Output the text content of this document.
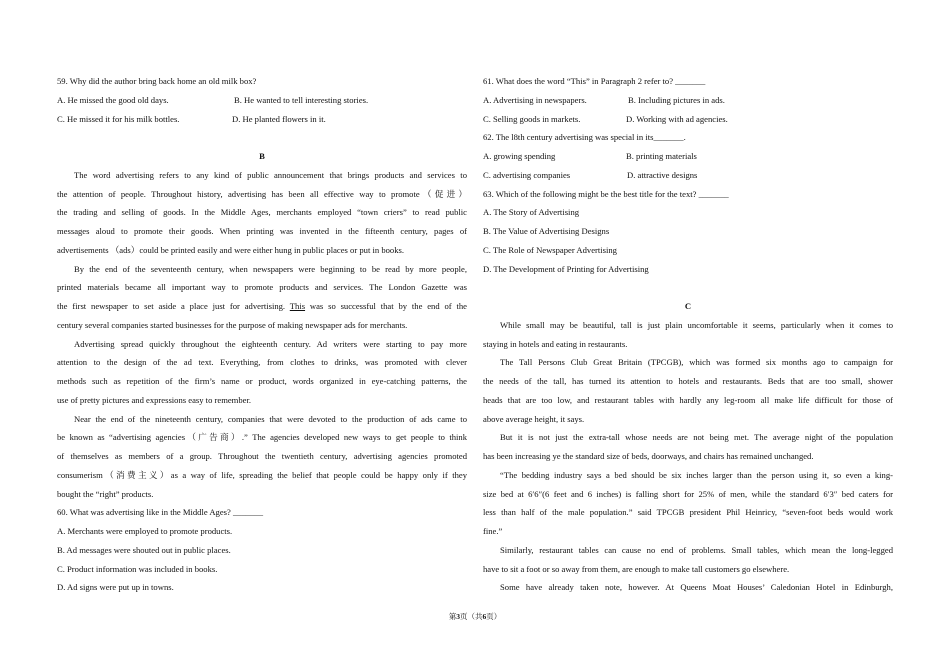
59. Why did the author bring back home an old milk box?
A. He missed the good old days.	B. He wanted to tell interesting stories.
C. He missed it for his milk bottles.	D. He planted flowers in it.
B
The word advertising refers to any kind of public announcement that brings products and services to
the attention of people. Throughout history, advertising has been all effective way to promote（促进）
the trading and selling of goods. In the Middle Ages, merchants employed “town criers” to read public
messages aloud to promote their goods. When printing was invented in the fifteenth century, pages of
advertisements （ads）could be printed easily and were either hung in public places or put in books.
By the end of the seventeenth century, when newspapers were beginning to be read by more people,
printed materials became all important way to promote products and services. The London Gazette was
the first newspaper to set aside a place just for advertising. This was so successful that by the end of the
century several companies started businesses for the purpose of making newspaper ads for merchants.
Advertising spread quickly throughout the eighteenth century. Ad writers were starting to pay more
attention to the design of the ad text. Everything, from clothes to drinks, was promoted with clever
methods such as repetition of the firm’s name or product, words organized in eye-catching patterns, the
use of pretty pictures and expressions easy to remember.
Near the end of the nineteenth century, companies that were devoted to the production of ads came to
be known as “advertising agencies（广告商）.” The agencies developed new ways to get people to think
of themselves as members of a group. Throughout the twentieth century, advertising agencies promoted
consumerism（消费主义）as a way of life, spreading the belief that people could be happy only if they
bought the “right” products.
60. What was advertising like in the Middle Ages? _______
A. Merchants were employed to promote products.
B. Ad messages were shouted out in public places.
C. Product information was included in books.
D. Ad signs were put up in towns.
61. What does the word “This” in Paragraph 2 refer to? _______
A. Advertising in newspapers.	B. Including pictures in ads.
C. Selling goods in markets.	D. Working with ad agencies.
62. The l8th century advertising was special in its_______.
A. growing spending	B. printing materials
C. advertising companies	D. attractive designs
63. Which of the following might be the best title for the text? _______
A. The Story of Advertising
B. The Value of Advertising Designs
C. The Role of Newspaper Advertising
D. The Development of Printing for Advertising
C
While small may be beautiful, tall is just plain uncomfortable it seems, particularly when it comes to
staying in hotels and eating in restaurants.
The Tall Persons Club Great Britain (TPCGB), which was formed six months ago to campaign for
the needs of the tall, has turned its attention to hotels and restaurants. Beds that are too small, shower
heads that are too low, and restaurant tables with hardly any leg-room all make life difficult for those of
above average height, it says.
But it is not just the extra-tall whose needs are not being met. The average night of the population
has been increasing ye the standard size of beds, doorways, and chairs has remained unchanged.
“The bedding industry says a bed should be six inches larger than the person using it, so even a king-
size bed at 6′6″(6 feet and 6 inches) is falling short for 25% of men, while the standard 6′3″ bed caters for
less than half of the male population.” said TPCGB president Phil Heinricy, “seven-foot beds would work
fine.”
Similarly, restaurant tables can cause no end of problems. Small tables, which mean the long-legged
have to sit a foot or so away from them, are enough to make tall customers go elsewhere.
Some have already taken note, however. At Queens Moat Houses’ Caledonian Hotel in Edinburgh,
第3页（共6页）
